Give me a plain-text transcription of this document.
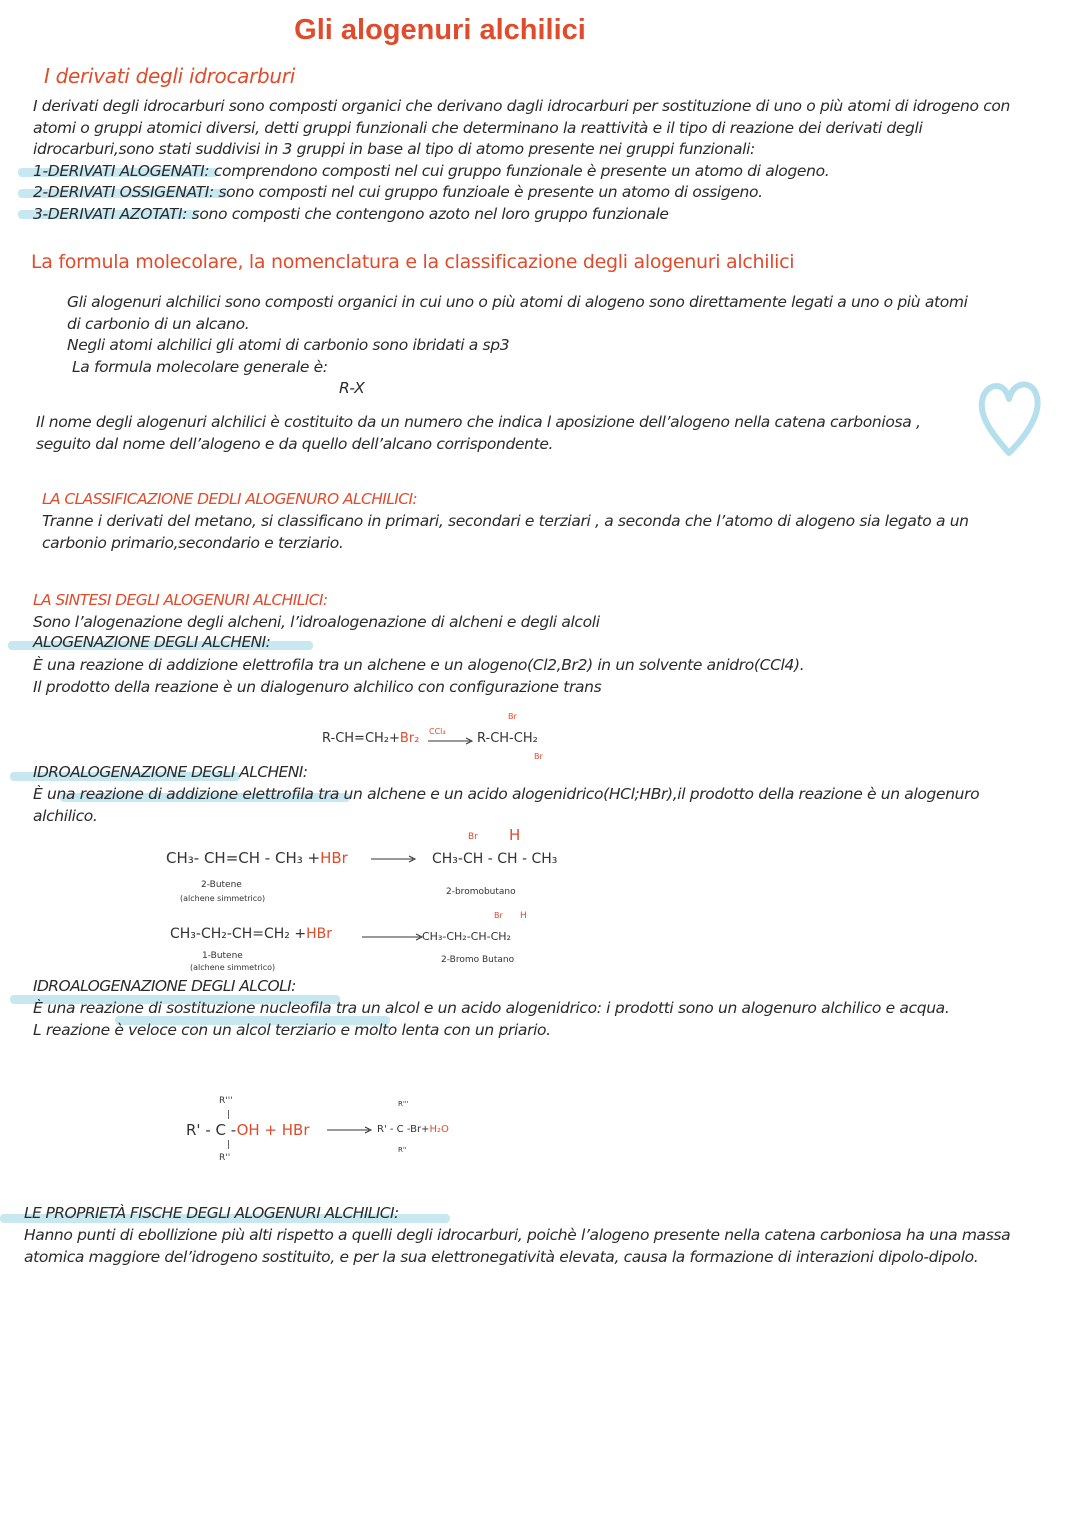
Gli alogenuri alchilici
I derivati degli idrocarburi
I derivati degli idrocarburi sono composti organici che derivano dagli idrocarburi per sostituzione di uno o più atomi di idrogeno con
atomi o gruppi atomici diversi, detti gruppi funzionali che determinano la reattività e il tipo di reazione dei derivati degli
idrocarburi,sono stati suddivisi in 3 gruppi in base al tipo di atomo presente nei gruppi funzionali:
1-DERIVATI ALOGENATI: comprendono composti nel cui gruppo funzionale è presente un atomo di alogeno.
2-DERIVATI OSSIGENATI: sono composti nel cui gruppo funzioale è presente un atomo di ossigeno.
3-DERIVATI AZOTATI: sono composti che contengono azoto nel loro gruppo funzionale
La formula molecolare, la nomenclatura e la classificazione degli alogenuri alchilici
Gli alogenuri alchilici sono composti organici in cui uno o più atomi di alogeno sono direttamente legati a uno o più atomi
di carbonio di un alcano.
Negli atomi alchilici gli atomi di carbonio sono ibridati a sp3
La formula molecolare generale è:
R-X
Il nome degli alogenuri alchilici è costituito da un numero che indica l aposizione dell’alogeno nella catena carboniosa ,
seguito dal nome dell’alogeno e da quello dell’alcano corrispondente.
LA CLASSIFICAZIONE DEDLI ALOGENURO ALCHILICI:
Tranne i derivati del metano, si classificano in primari, secondari e terziari , a seconda che l’atomo di alogeno sia legato a un
carbonio primario,secondario e terziario.
LA SINTESI DEGLI ALOGENURI ALCHILICI:
Sono l’alogenazione degli alcheni, l’idroalogenazione di alcheni e degli alcoli
ALOGENAZIONE DEGLI ALCHENI:
È una reazione di addizione elettrofila tra un alchene e un alogeno(Cl2,Br2) in un solvente anidro(CCl4).
Il prodotto della reazione è un dialogenuro alchilico con configurazione trans
R-CH=CH₂+Br₂ CCl₄
Br
R-CH-CH₂
Br
IDROALOGENAZIONE DEGLI ALCHENI:
È una reazione di addizione elettrofila tra un alchene e un acido alogenidrico(HCl;HBr),il prodotto della reazione è un alogenuro
alchilico.
CH₃- CH=CH - CH₃ +HBr
2-Butene
(alchene simmetrico)
Br H
CH₃-CH - CH - CH₃
2-bromobutano
CH₃-CH₂-CH=CH₂ +HBr
1-Butene
(alchene simmetrico)
Br H
CH₃-CH₂-CH-CH₂
2-Bromo Butano
IDROALOGENAZIONE DEGLI ALCOLI:
È una reazione di sostituzione nucleofila tra un alcol e un acido alogenidrico: i prodotti sono un alogenuro alchilico e acqua.
L reazione è veloce con un alcol terziario e molto lenta con un priario.
R'''
|
R' - C -OH + HBr
|
R''
R'''
R' - C -Br+H₂O
R''
LE PROPRIETÀ FISCHE DEGLI ALOGENURI ALCHILICI:
Hanno punti di ebollizione più alti rispetto a quelli degli idrocarburi, poichè l’alogeno presente nella catena carboniosa ha una massa
atomica maggiore del’idrogeno sostituito, e per la sua elettronegatività elevata, causa la formazione di interazioni dipolo-dipolo.
